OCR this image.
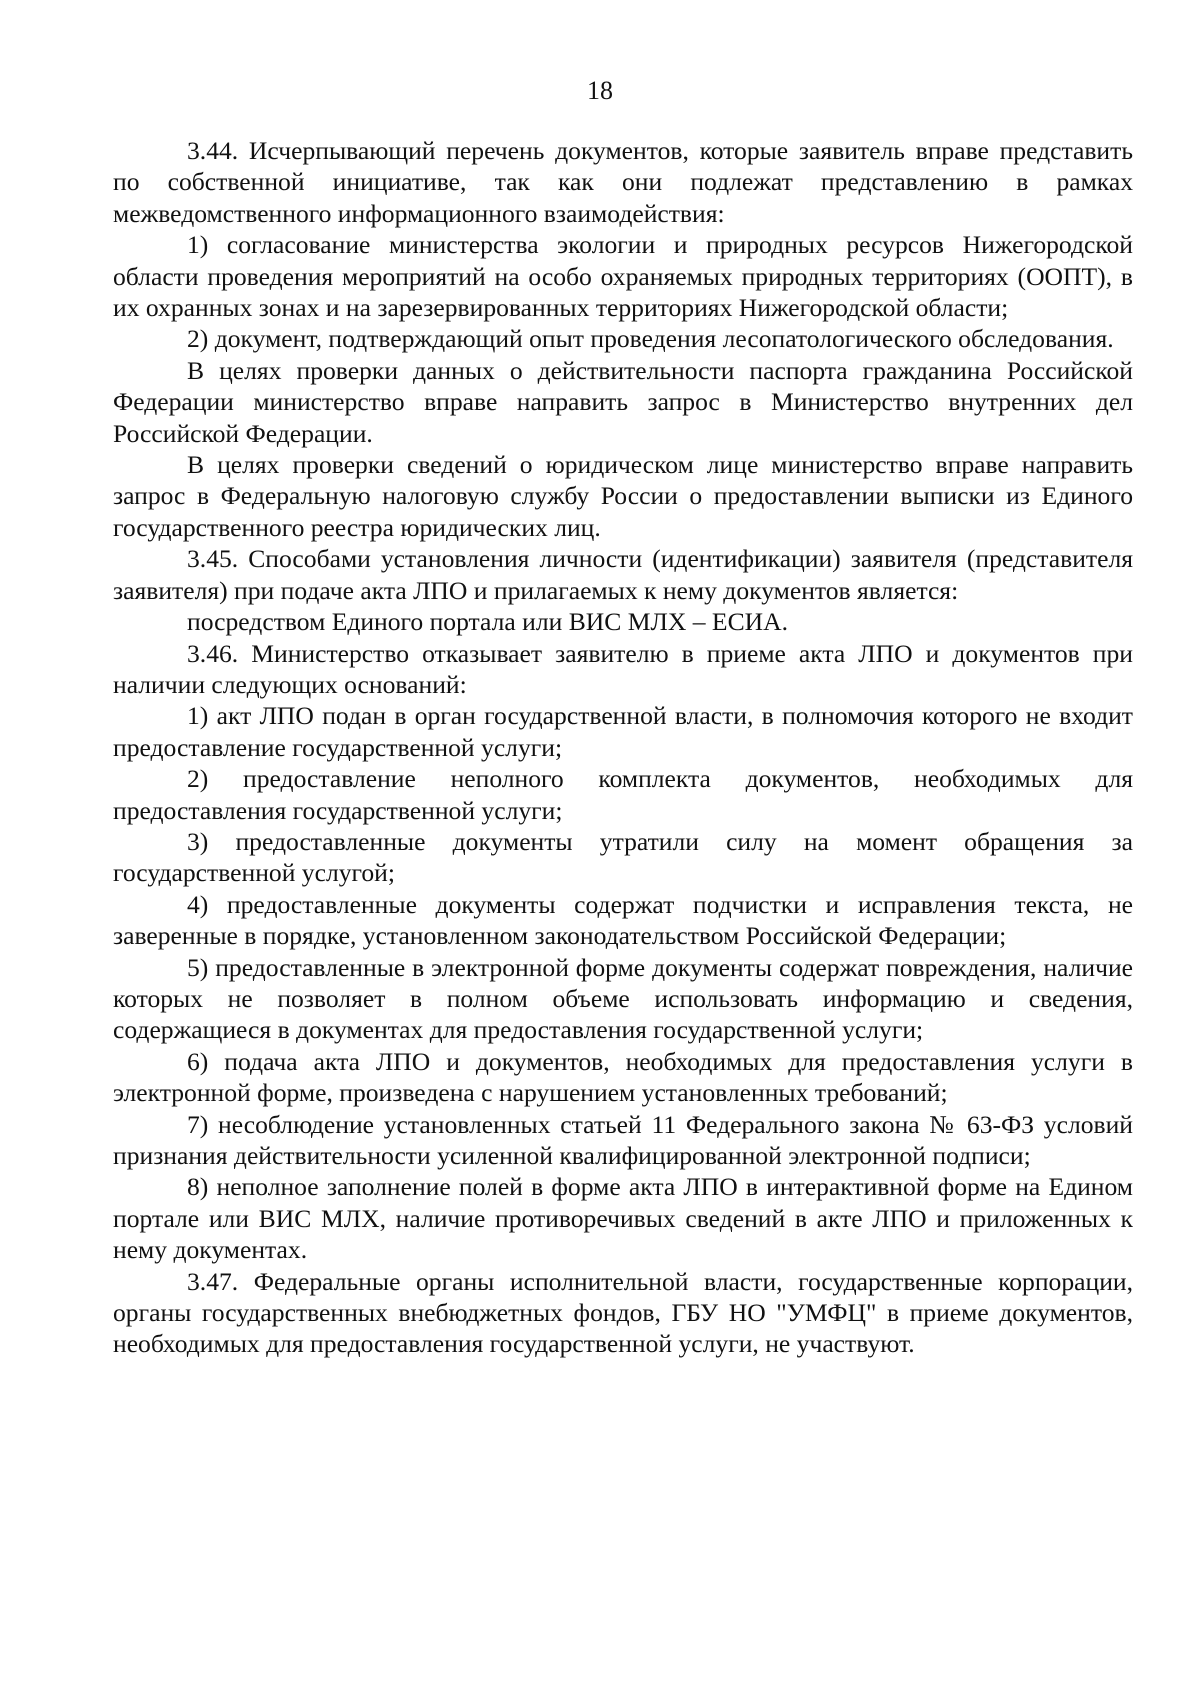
18

3.44. Исчерпывающий перечень документов, которые заявитель вправе представить по собственной инициативе, так как они подлежат представлению в рамках межведомственного информационного взаимодействия:

1) согласование министерства экологии и природных ресурсов Нижегородской области проведения мероприятий на особо охраняемых природных территориях (ООПТ), в их охранных зонах и на зарезервированных территориях Нижегородской области;

2) документ, подтверждающий опыт проведения лесопатологического обследования.

В целях проверки данных о действительности паспорта гражданина Российской Федерации министерство вправе направить запрос в Министерство внутренних дел Российской Федерации.

В целях проверки сведений о юридическом лице министерство вправе направить запрос в Федеральную налоговую службу России о предоставлении выписки из Единого государственного реестра юридических лиц.

3.45. Способами установления личности (идентификации) заявителя (представителя заявителя) при подаче акта ЛПО и прилагаемых к нему документов является:

посредством Единого портала или ВИС МЛХ – ЕСИА.

3.46. Министерство отказывает заявителю в приеме акта ЛПО и документов при наличии следующих оснований:

1) акт ЛПО подан в орган государственной власти, в полномочия которого не входит предоставление государственной услуги;

2) предоставление неполного комплекта документов, необходимых для предоставления государственной услуги;

3) предоставленные документы утратили силу на момент обращения за государственной услугой;

4) предоставленные документы содержат подчистки и исправления текста, не заверенные в порядке, установленном законодательством Российской Федерации;

5) предоставленные в электронной форме документы содержат повреждения, наличие которых не позволяет в полном объеме использовать информацию и сведения, содержащиеся в документах для предоставления государственной услуги;

6) подача акта ЛПО и документов, необходимых для предоставления услуги в электронной форме, произведена с нарушением установленных требований;

7) несоблюдение установленных статьей 11 Федерального закона № 63-ФЗ условий признания действительности усиленной квалифицированной электронной подписи;

8) неполное заполнение полей в форме акта ЛПО в интерактивной форме на Едином портале или ВИС МЛХ, наличие противоречивых сведений в акте ЛПО и приложенных к нему документах.

3.47. Федеральные органы исполнительной власти, государственные корпорации, органы государственных внебюджетных фондов, ГБУ НО "УМФЦ" в приеме документов, необходимых для предоставления государственной услуги, не участвуют.
